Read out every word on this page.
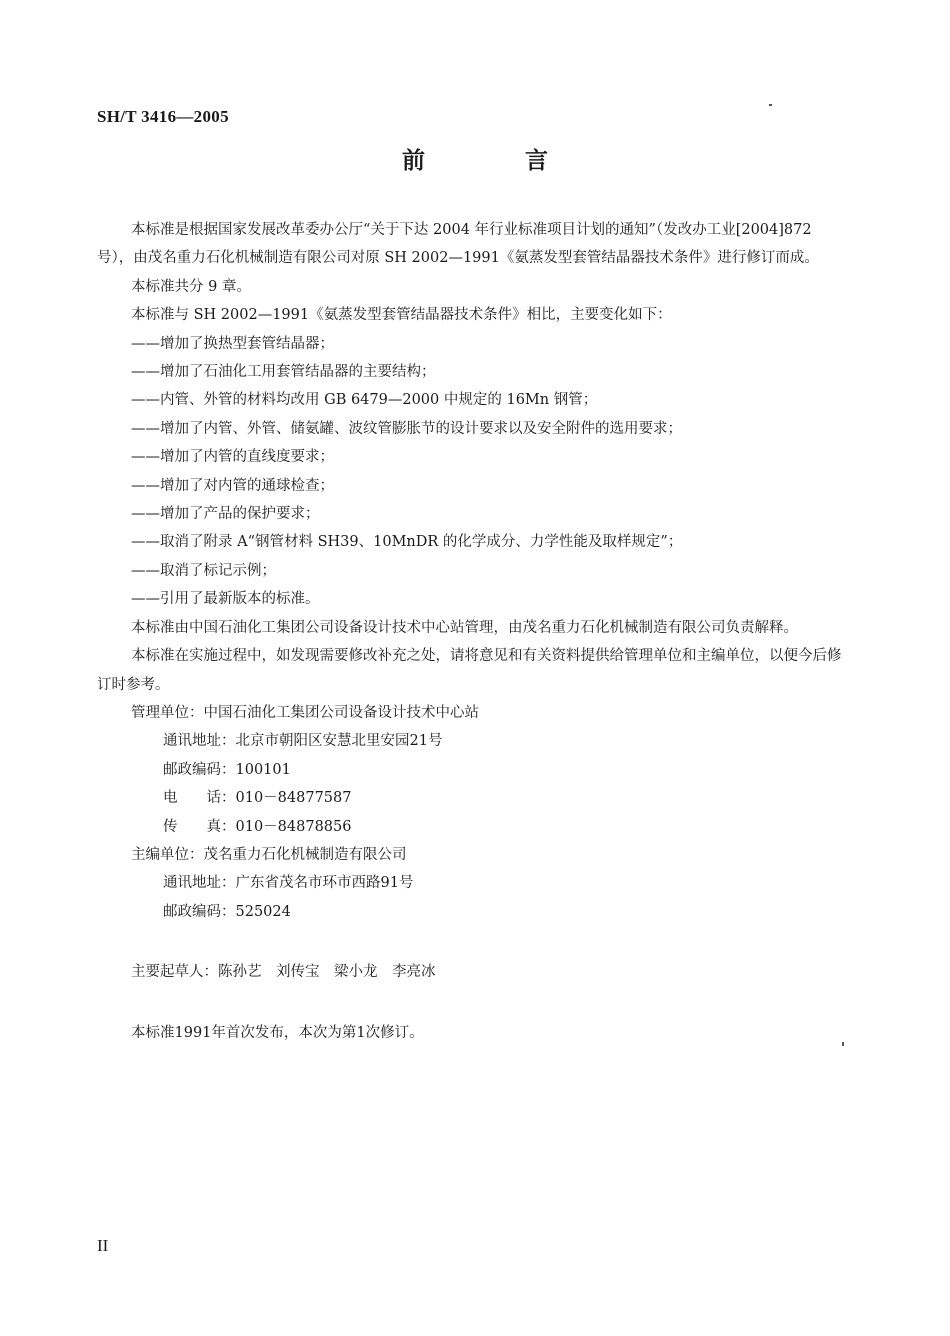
SH/T 3416—2005
前 言

本标准是根据国家发展改革委办公厅“关于下达 2004 年行业标准项目计划的通知”（发改办工业[2004]872 号），由茂名重力石化机械制造有限公司对原 SH 2002—1991《氨蒸发型套管结晶器技术条件》进行修订而成。

本标准共分 9 章。

本标准与 SH 2002—1991《氨蒸发型套管结晶器技术条件》相比，主要变化如下：

——增加了换热型套管结晶器；

——增加了石油化工用套管结晶器的主要结构；

——内管、外管的材料均改用 GB 6479—2000 中规定的 16Mn 钢管；

——增加了内管、外管、储氨罐、波纹管膨胀节的设计要求以及安全附件的选用要求；

——增加了内管的直线度要求；

——增加了对内管的通球检查；

——增加了产品的保护要求；

——取消了附录 A“钢管材料 SH39、10MnDR 的化学成分、力学性能及取样规定”；

——取消了标记示例；

——引用了最新版本的标准。

本标准由中国石油化工集团公司设备设计技术中心站管理，由茂名重力石化机械制造有限公司负责解释。

本标准在实施过程中，如发现需要修改补充之处，请将意见和有关资料提供给管理单位和主编单位，以便今后修订时参考。

管理单位：中国石油化工集团公司设备设计技术中心站

通讯地址：北京市朝阳区安慧北里安园21号

邮政编码：100101

电　　话：010－84877587

传　　真：010－84878856

主编单位：茂名重力石化机械制造有限公司

通讯地址：广东省茂名市环市西路91号

邮政编码：525024

主要起草人：陈孙艺　刘传宝　梁小龙　李亮冰

本标准1991年首次发布，本次为第1次修订。

II
